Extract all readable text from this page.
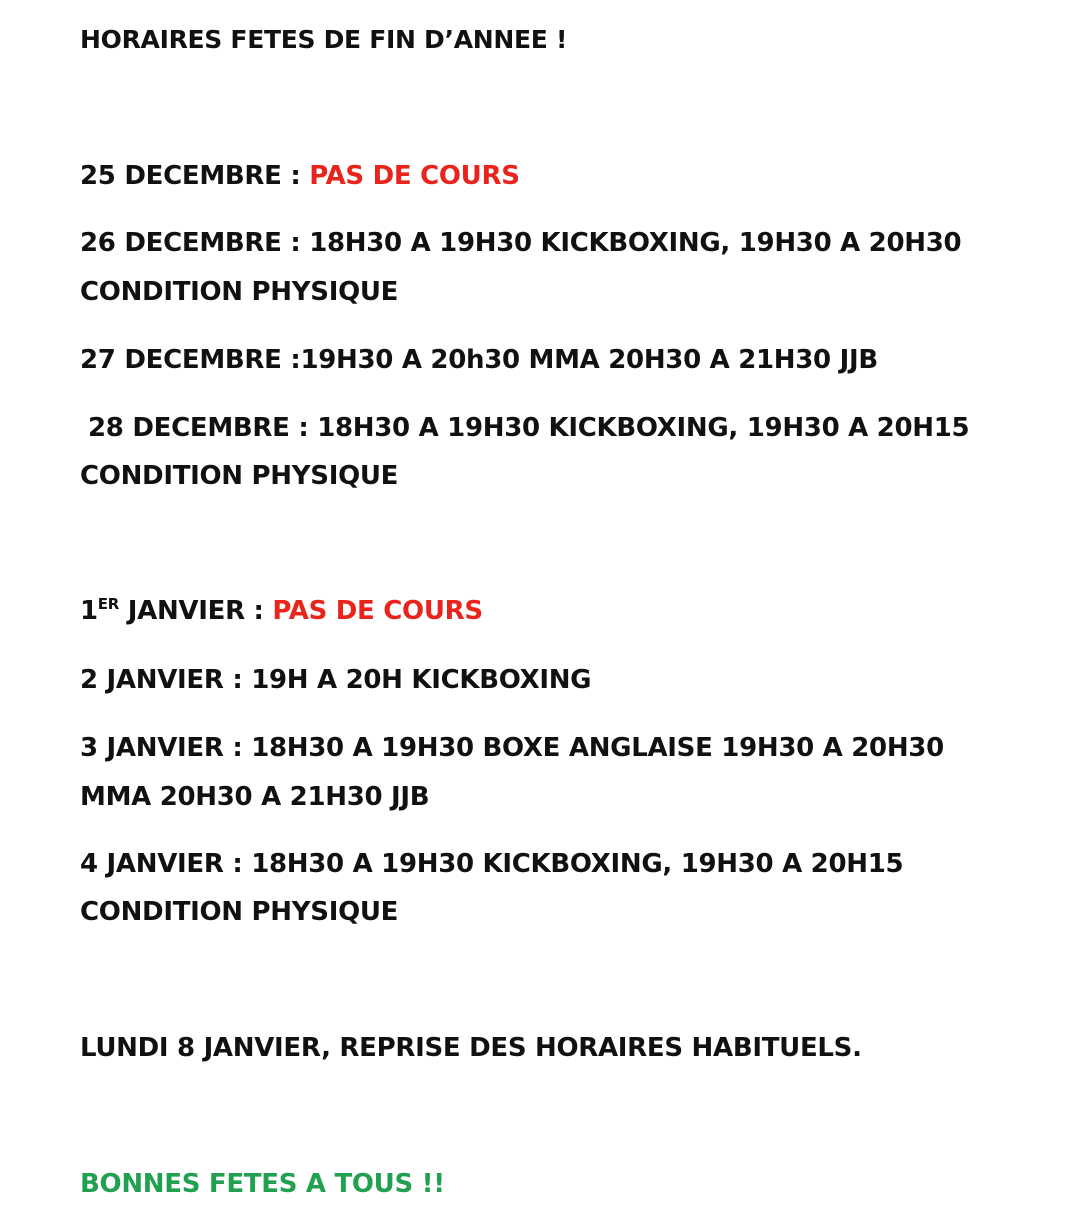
HORAIRES FETES DE FIN D’ANNEE !

25 DECEMBRE : PAS DE COURS

26 DECEMBRE : 18H30 A 19H30 KICKBOXING, 19H30 A 20H30

CONDITION PHYSIQUE

27 DECEMBRE :19H30 A 20h30 MMA 20H30 A 21H30 JJB

28 DECEMBRE : 18H30 A 19H30 KICKBOXING, 19H30 A 20H15

CONDITION PHYSIQUE

1ER JANVIER : PAS DE COURS

2 JANVIER : 19H A 20H KICKBOXING

3 JANVIER : 18H30 A 19H30 BOXE ANGLAISE 19H30 A 20H30

MMA 20H30 A 21H30 JJB

4 JANVIER : 18H30 A 19H30 KICKBOXING, 19H30 A 20H15

CONDITION PHYSIQUE

LUNDI 8 JANVIER, REPRISE DES HORAIRES HABITUELS.

BONNES FETES A TOUS !!
